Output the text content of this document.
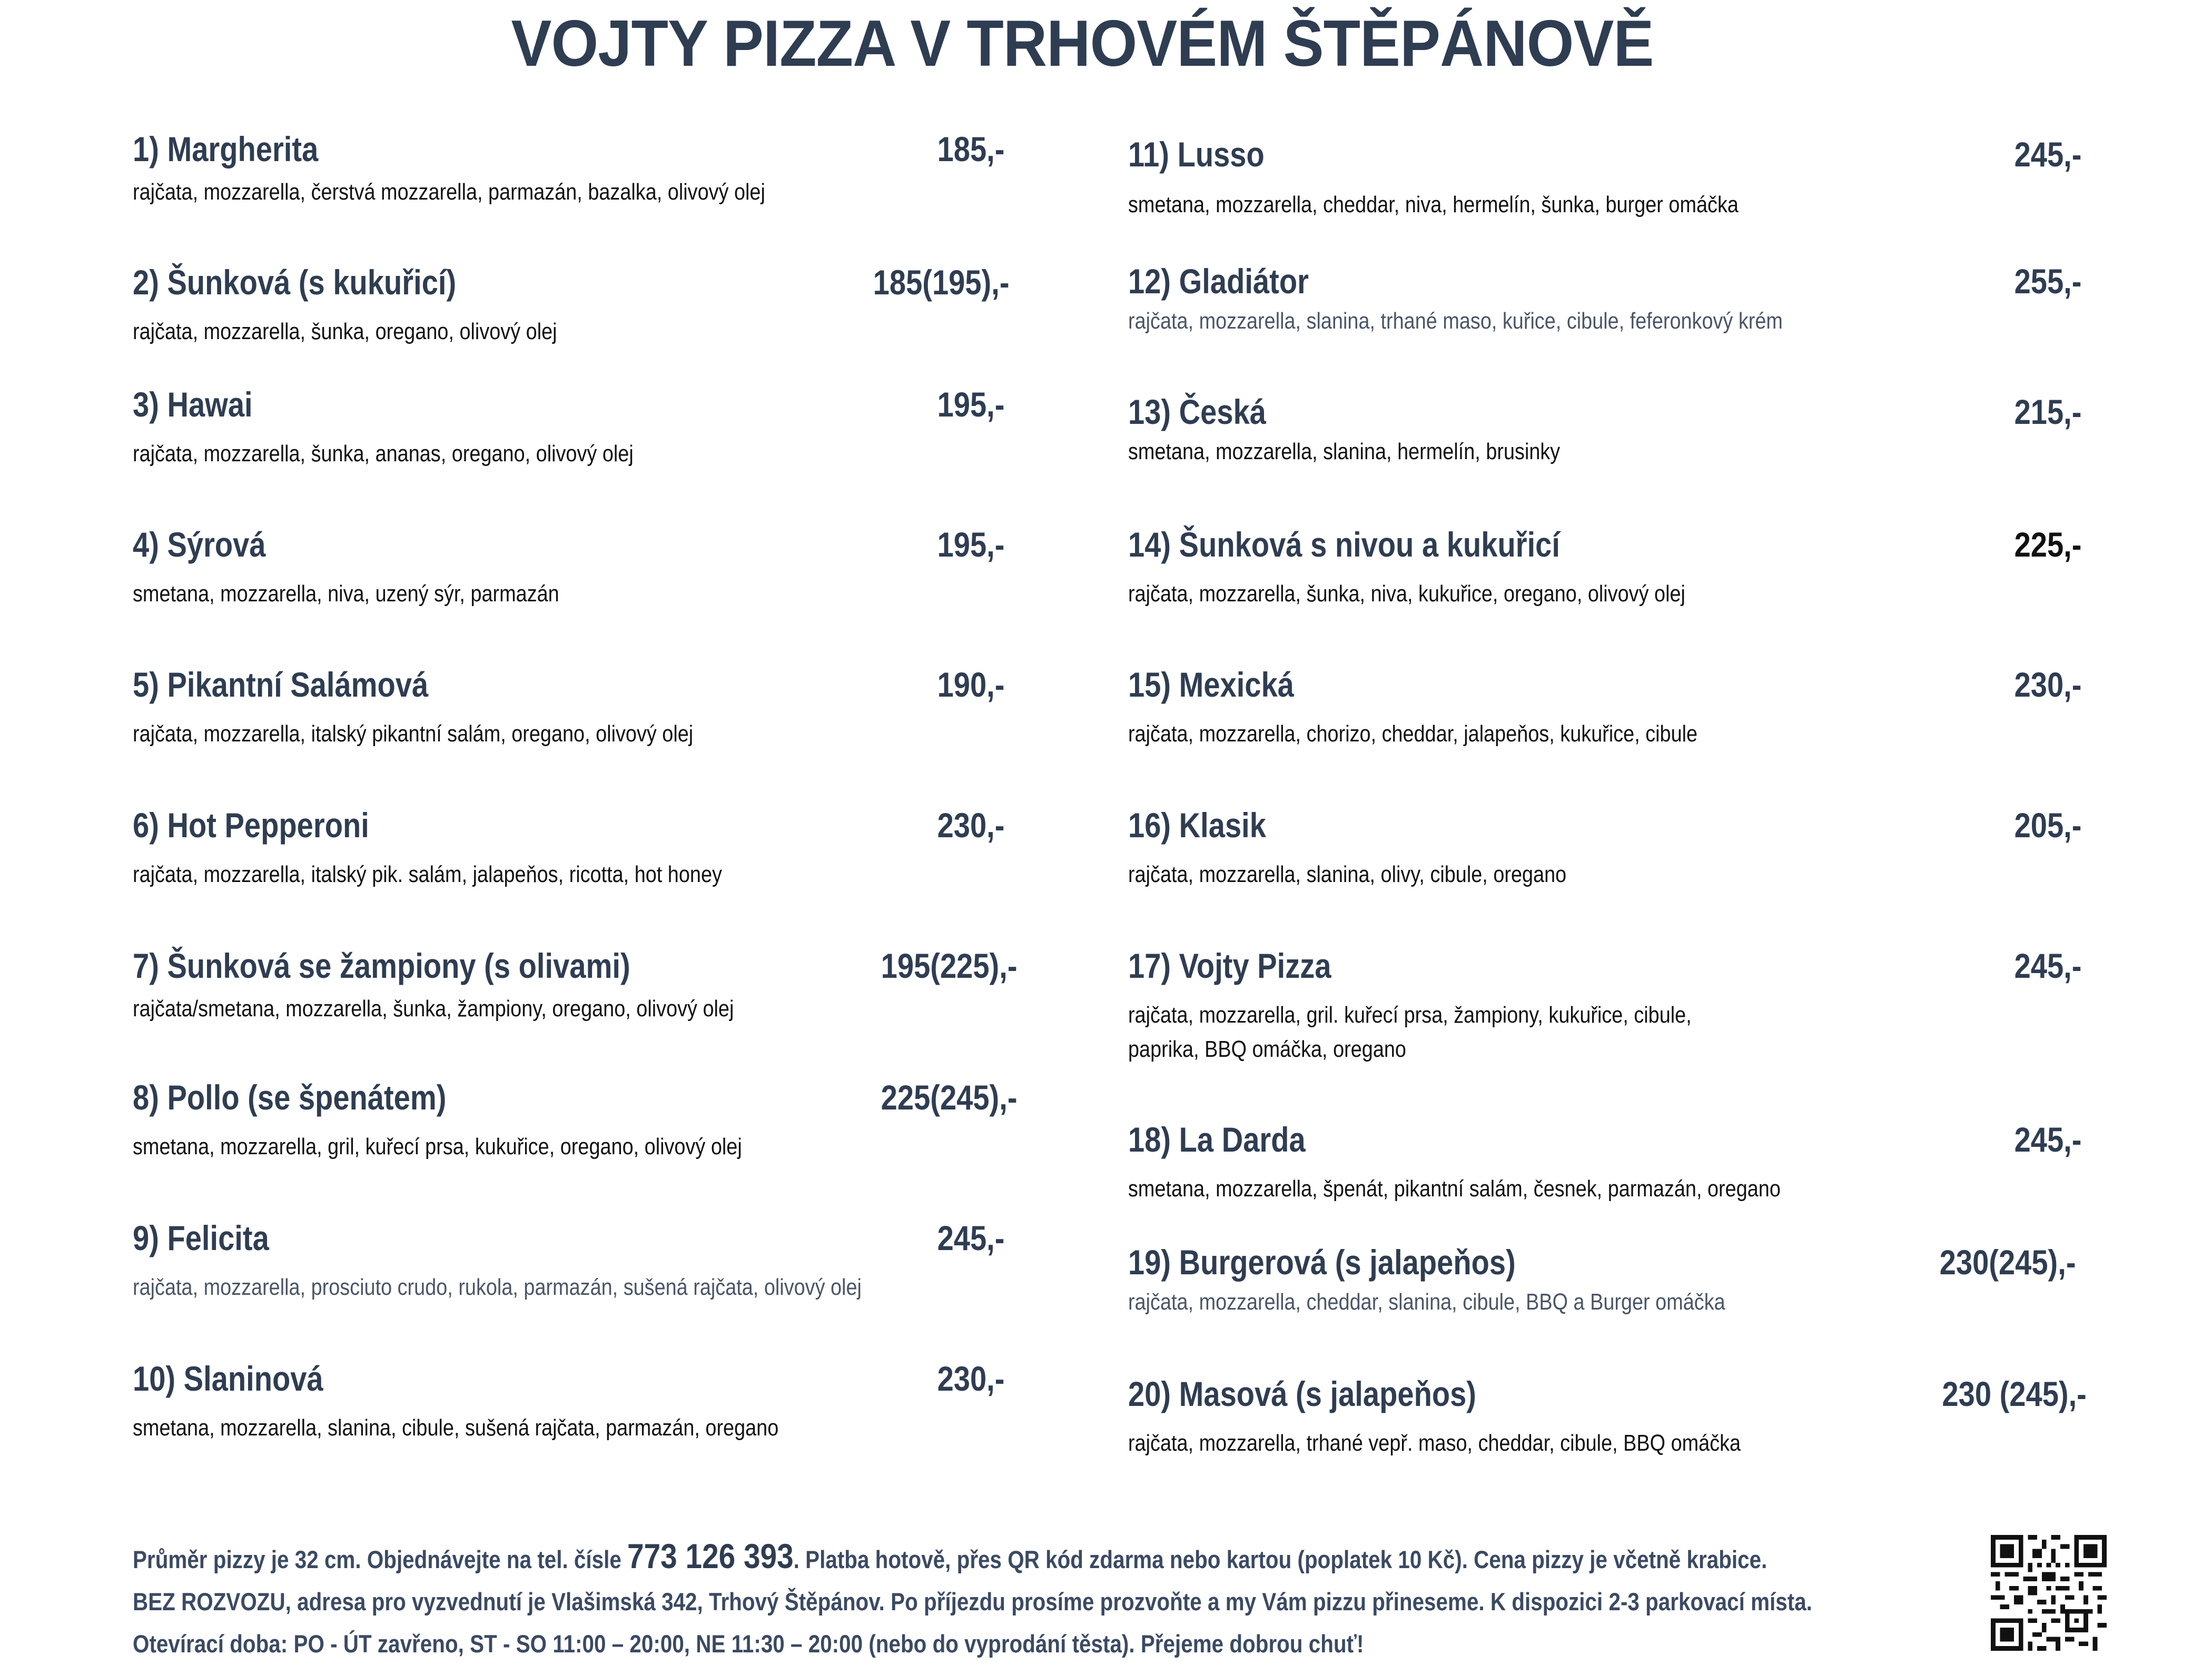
VOJTY PIZZA V TRHOVÉM ŠTĚPÁNOVĚ
1) Margherita	185,-
rajčata, mozzarella, čerstvá mozzarella, parmazán, bazalka, olivový olej
2) Šunková (s kukuřicí)	185(195),-
rajčata, mozzarella, šunka, oregano, olivový olej
3) Hawai	195,-
rajčata, mozzarella, šunka, ananas, oregano, olivový olej
4) Sýrová	195,-
smetana, mozzarella, niva, uzený sýr, parmazán
5) Pikantní Salámová	190,-
rajčata, mozzarella, italský pikantní salám, oregano, olivový olej
6) Hot Pepperoni	230,-
rajčata, mozzarella, italský pik. salám, jalapeňos, ricotta, hot honey
7) Šunková se žampiony (s olivami)	195(225),-
rajčata/smetana, mozzarella, šunka, žampiony, oregano, olivový olej
8) Pollo (se špenátem)	225(245),-
smetana, mozzarella, gril, kuřecí prsa, kukuřice, oregano, olivový olej
9) Felicita	245,-
rajčata, mozzarella, prosciuto crudo, rukola, parmazán, sušená rajčata, olivový olej
10) Slaninová	230,-
smetana, mozzarella, slanina, cibule, sušená rajčata, parmazán, oregano
11) Lusso	245,-
smetana, mozzarella, cheddar, niva, hermelín, šunka, burger omáčka
12) Gladiátor	255,-
rajčata, mozzarella, slanina, trhané maso, kuřice, cibule, feferonkový krém
13) Česká	215,-
smetana, mozzarella, slanina, hermelín, brusinky
14) Šunková s nivou a kukuřicí	225,-
rajčata, mozzarella, šunka, niva, kukuřice, oregano, olivový olej
15) Mexická	230,-
rajčata, mozzarella, chorizo, cheddar, jalapeňos, kukuřice, cibule
16) Klasik	205,-
rajčata, mozzarella, slanina, olivy, cibule, oregano
17) Vojty Pizza	245,-
rajčata, mozzarella, gril. kuřecí prsa, žampiony, kukuřice, cibule,
paprika, BBQ omáčka, oregano
18) La Darda	245,-
smetana, mozzarella, špenát, pikantní salám, česnek, parmazán, oregano
19) Burgerová (s jalapeňos)	230(245),-
rajčata, mozzarella, cheddar, slanina, cibule, BBQ a Burger omáčka
20) Masová (s jalapeňos)	230 (245),-
rajčata, mozzarella, trhané vepř. maso, cheddar, cibule, BBQ omáčka
Průměr pizzy je 32 cm. Objednávejte na tel. čísle 773 126 393. Platba hotově, přes QR kód zdarma nebo kartou (poplatek 10 Kč). Cena pizzy je včetně krabice.
BEZ ROZVOZU, adresa pro vyzvednutí je Vlašimská 342, Trhový Štěpánov. Po příjezdu prosíme prozvoňte a my Vám pizzu přineseme. K dispozici 2-3 parkovací místa.
Otevírací doba: PO - ÚT zavřeno, ST - SO 11:00 – 20:00, NE 11:30 – 20:00 (nebo do vyprodání těsta). Přejeme dobrou chuť!
